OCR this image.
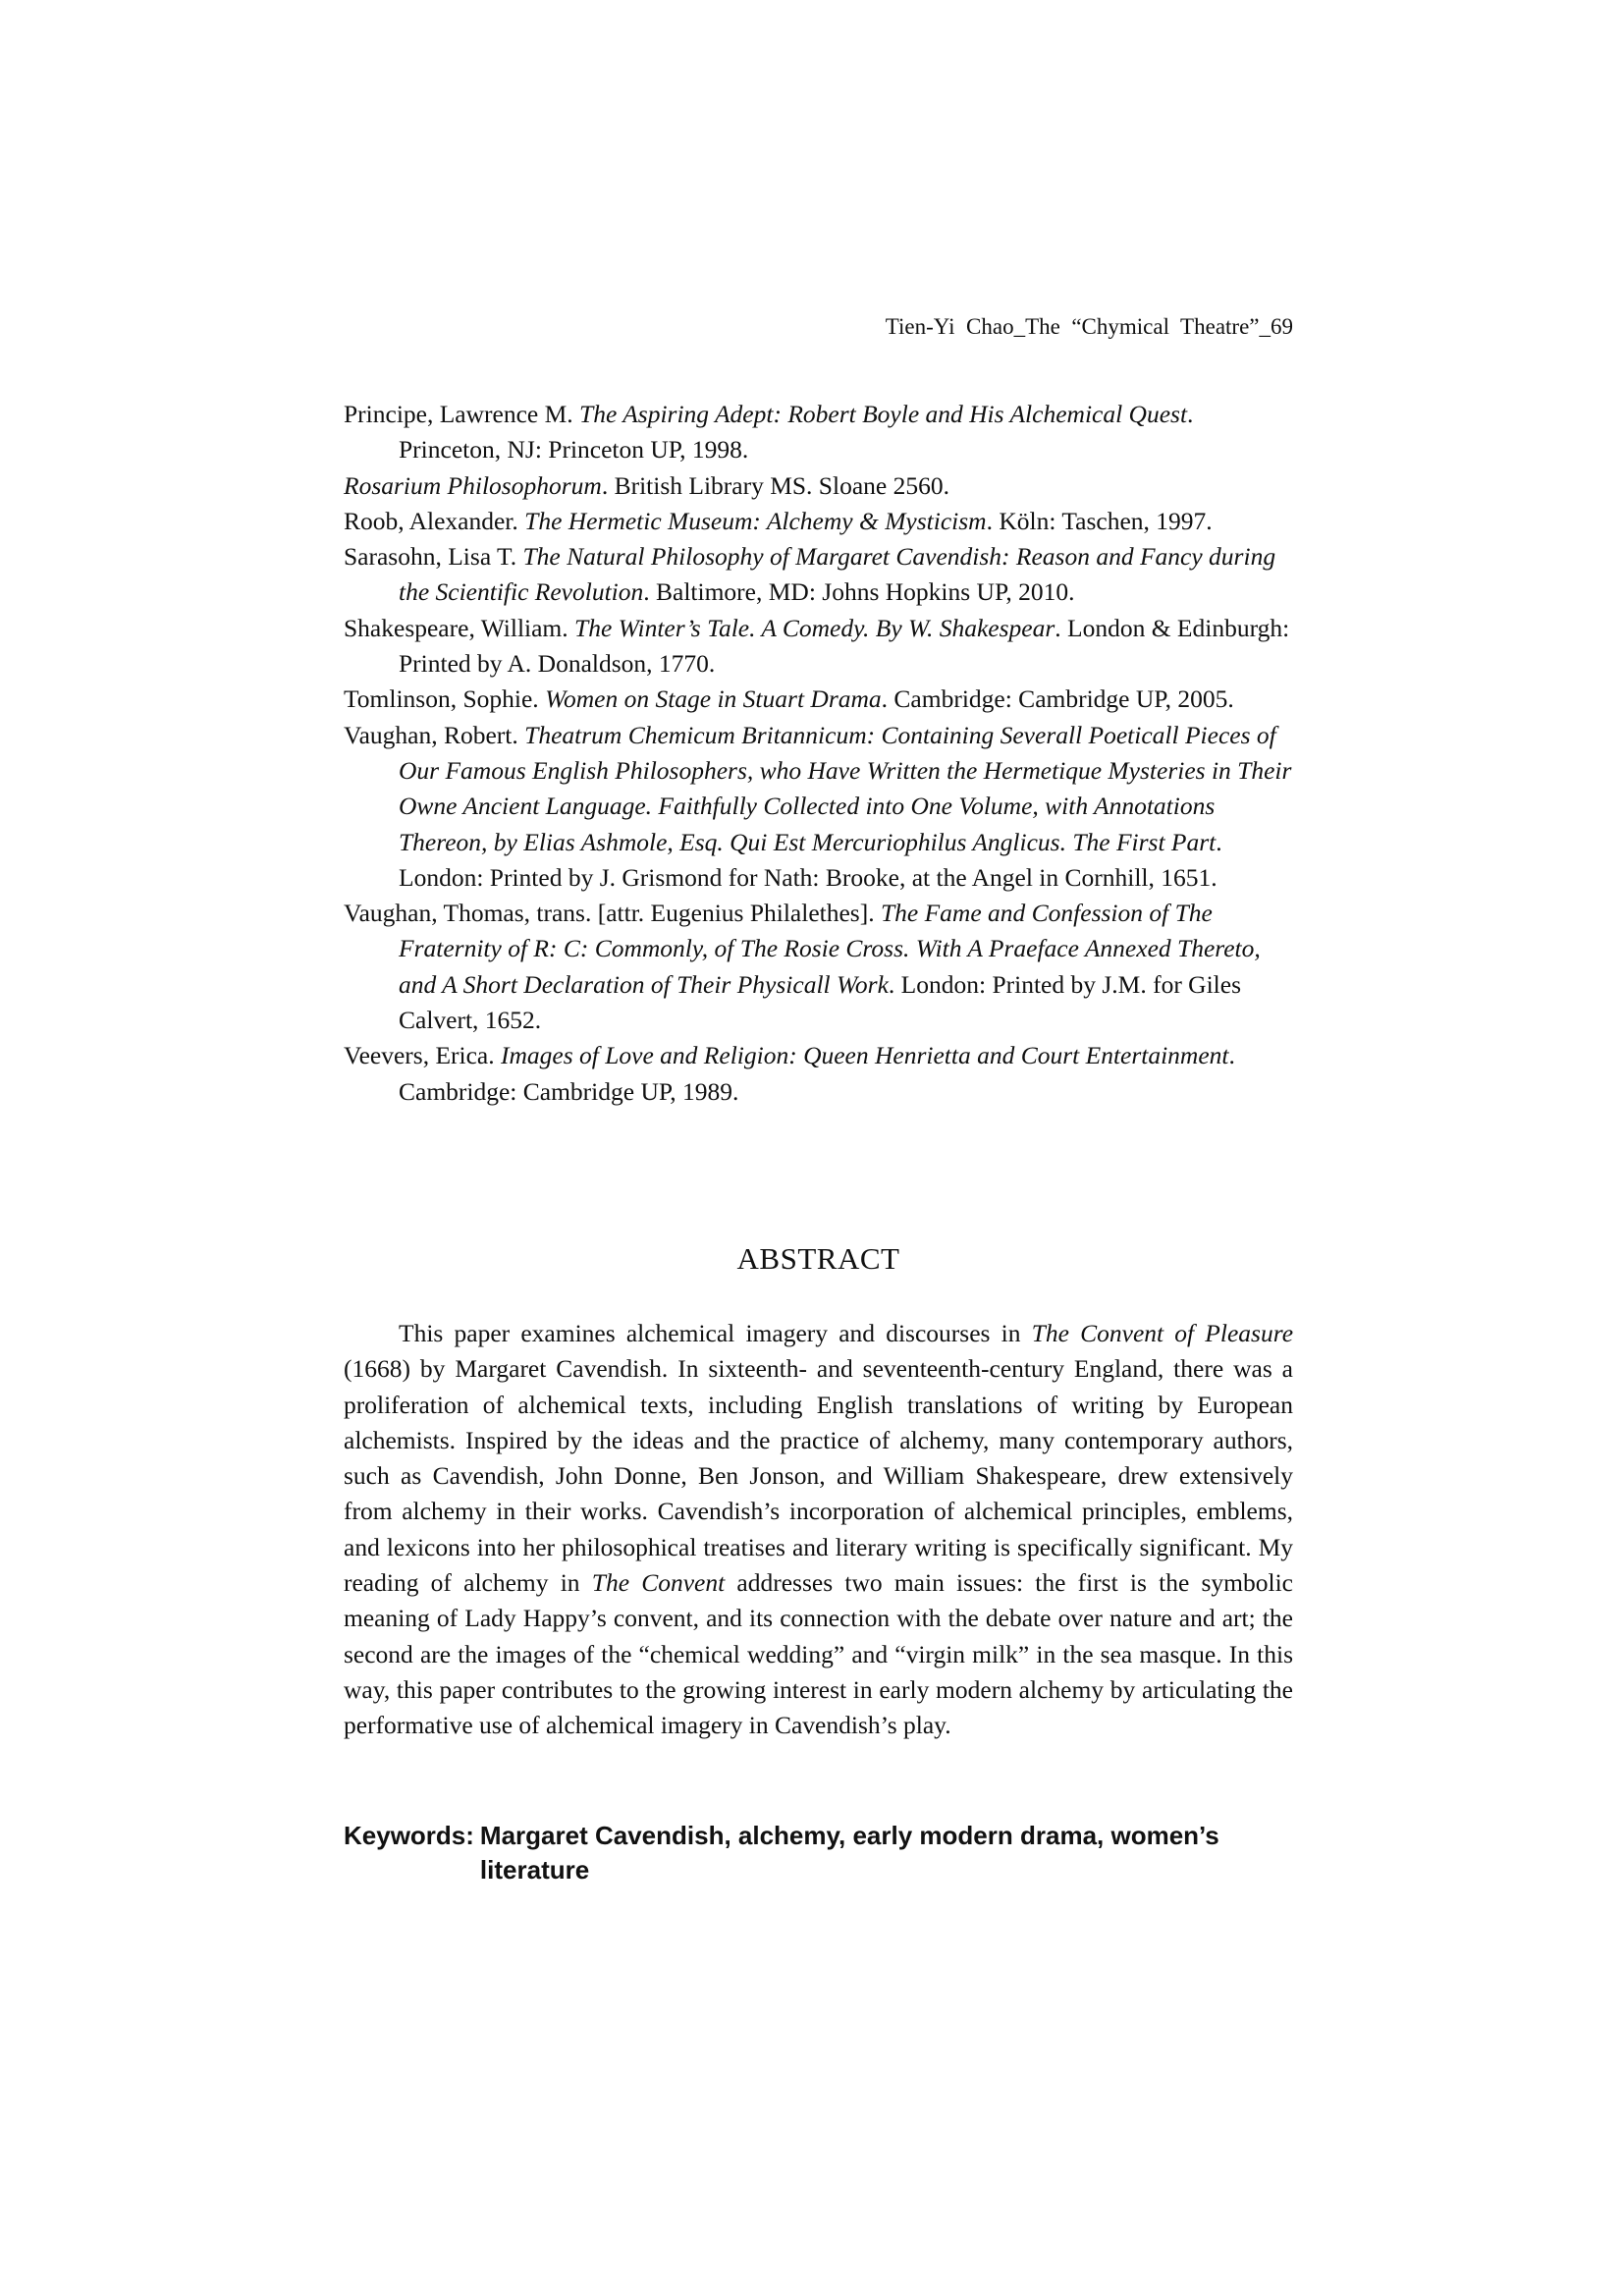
Tien-Yi  Chao_The  “Chymical  Theatre”_69
Principe, Lawrence M. The Aspiring Adept: Robert Boyle and His Alchemical Quest. Princeton, NJ: Princeton UP, 1998.
Rosarium Philosophorum. British Library MS. Sloane 2560.
Roob, Alexander. The Hermetic Museum: Alchemy & Mysticism. Köln: Taschen, 1997.
Sarasohn, Lisa T. The Natural Philosophy of Margaret Cavendish: Reason and Fancy during the Scientific Revolution. Baltimore, MD: Johns Hopkins UP, 2010.
Shakespeare, William. The Winter’s Tale. A Comedy. By W. Shakespear. London & Edinburgh: Printed by A. Donaldson, 1770.
Tomlinson, Sophie. Women on Stage in Stuart Drama. Cambridge: Cambridge UP, 2005.
Vaughan, Robert. Theatrum Chemicum Britannicum: Containing Severall Poeticall Pieces of Our Famous English Philosophers, who Have Written the Hermetique Mysteries in Their Owne Ancient Language. Faithfully Collected into One Volume, with Annotations Thereon, by Elias Ashmole, Esq. Qui Est Mercuriophilus Anglicus. The First Part. London: Printed by J. Grismond for Nath: Brooke, at the Angel in Cornhill, 1651.
Vaughan, Thomas, trans. [attr. Eugenius Philalethes]. The Fame and Confession of The Fraternity of R: C: Commonly, of The Rosie Cross. With A Praeface Annexed Thereto, and A Short Declaration of Their Physicall Work. London: Printed by J.M. for Giles Calvert, 1652.
Veevers, Erica. Images of Love and Religion: Queen Henrietta and Court Entertainment. Cambridge: Cambridge UP, 1989.
ABSTRACT

This paper examines alchemical imagery and discourses in The Convent of Pleasure (1668) by Margaret Cavendish. In sixteenth- and seventeenth-century England, there was a proliferation of alchemical texts, including English translations of writing by European alchemists. Inspired by the ideas and the practice of alchemy, many contemporary authors, such as Cavendish, John Donne, Ben Jonson, and William Shakespeare, drew extensively from alchemy in their works. Cavendish’s incorporation of alchemical principles, emblems, and lexicons into her philosophical treatises and literary writing is specifically significant. My reading of alchemy in The Convent addresses two main issues: the first is the symbolic meaning of Lady Happy’s convent, and its connection with the debate over nature and art; the second are the images of the “chemical wedding” and “virgin milk” in the sea masque. In this way, this paper contributes to the growing interest in early modern alchemy by articulating the performative use of alchemical imagery in Cavendish’s play.

Keywords: Margaret Cavendish, alchemy, early modern drama, women’s literature
